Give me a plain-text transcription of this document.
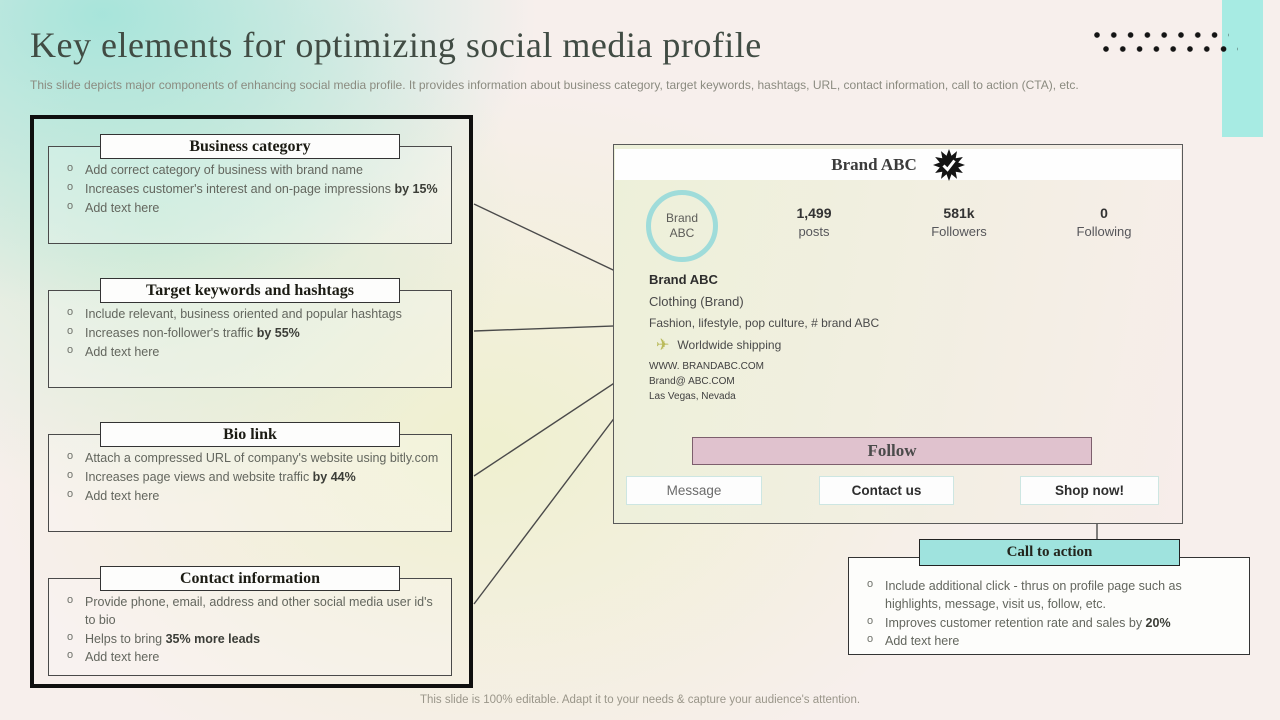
Key elements for optimizing social media profile

This slide depicts major components of enhancing social media profile. It provides information about business category, target keywords, hashtags, URL, contact information, call to action (CTA), etc.

Business category
o Add correct category of business with brand name
o Increases customer's interest and on-page impressions by 15%
o Add text here
Target keywords and hashtags
o Include relevant, business oriented and popular hashtags
o Increases non-follower's traffic by 55%
o Add text here
Bio link
o Attach a compressed URL of company's website using bitly.com
o Increases page views and website traffic by 44%
o Add text here
Contact information
o Provide phone, email, address and other social media user id's to bio
o Helps to bring 35% more leads
o Add text here
Brand ABC
Brand
ABC
1,499
posts
581k
Followers
0
Following
Brand ABC
Clothing (Brand)
Fashion, lifestyle, pop culture, # brand ABC
✈ Worldwide shipping
WWW. BRANDABC.COM
Brand@ ABC.COM
Las Vegas, Nevada
Follow
Message	Contact us	Shop now!
o Include additional click - thrus on profile page such as highlights, message, visit us, follow, etc.
o Improves customer retention rate and sales by 20%
o Add text here
Call to action
This slide is 100% editable. Adapt it to your needs & capture your audience's attention.
